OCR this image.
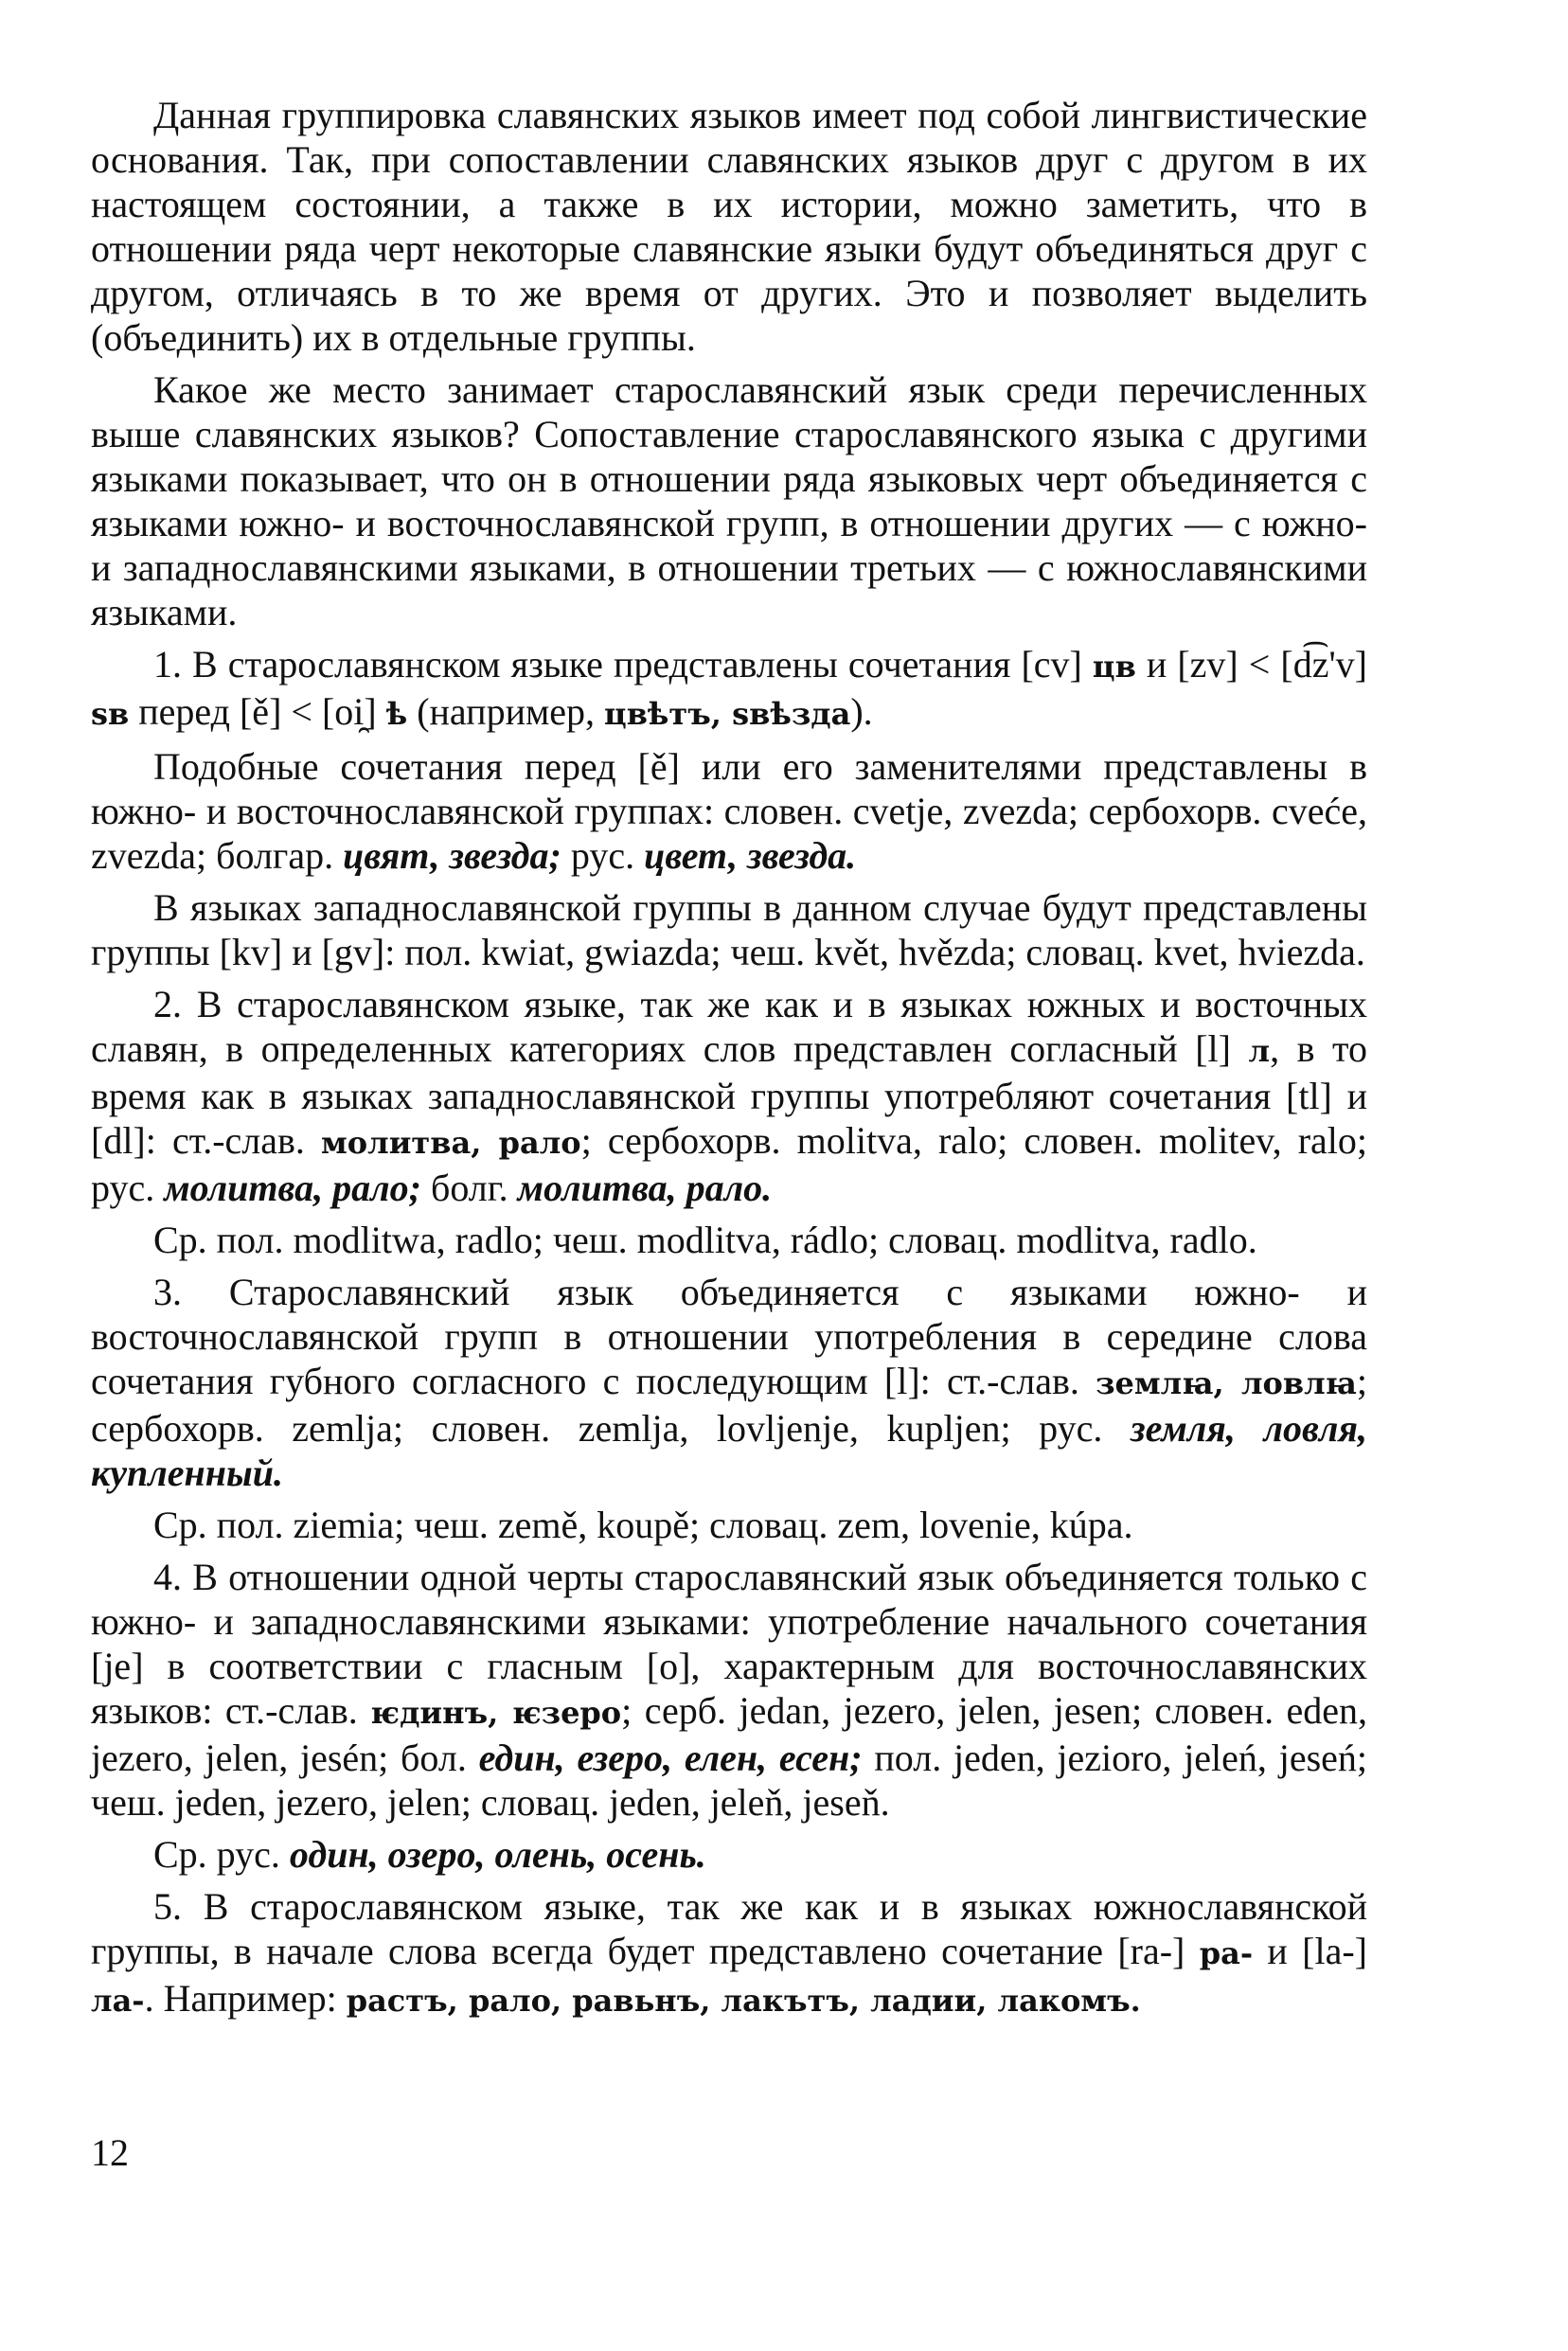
Данная группировка славянских языков имеет под собой лингвистические основания. Так, при сопоставлении славянских языков друг с другом в их настоящем состоянии, а также в их истории, можно заметить, что в отношении ряда черт некоторые славянские языки будут объединяться друг с другом, отличаясь в то же время от других. Это и позволяет выделить (объединить) их в отдельные группы.

Какое же место занимает старославянский язык среди перечисленных выше славянских языков? Сопоставление старославянского языка с другими языками показывает, что он в отношении ряда языковых черт объединяется с языками южно- и восточнославянской групп, в отношении других — с южно- и западнославянскими языками, в отношении третьих — с южнославянскими языками.

1. В старославянском языке представлены сочетания [cv] цв и [zv] < [d͡z'v] ѕв перед [ě] < [oi̯] ѣ (например, цвѣтъ, ѕвѣзда).

Подобные сочетания перед [ě] или его заменителями представлены в южно- и восточнославянской группах: словен. cvetje, zvezda; сербохорв. cveće, zvezda; болгар. цвят, звезда; рус. цвет, звезда.

В языках западнославянской группы в данном случае будут представлены группы [kv] и [gv]: пол. kwiat, gwiazda; чеш. květ, hvězda; словац. kvet, hviezda.

2. В старославянском языке, так же как и в языках южных и восточных славян, в определенных категориях слов представлен согласный [l] л, в то время как в языках западнославянской группы употребляют сочетания [tl] и [dl]: ст.-слав. молитва, рало; сербохорв. molitva, ralo; словен. molitev, ralo; рус. молитва, рало; болг. молитва, рало.

Ср. пол. modlitwa, radlo; чеш. modlitva, rádlo; словац. modlitva, radlo.

3. Старославянский язык объединяется с языками южно- и восточнославянской групп в отношении употребления в середине слова сочетания губного согласного с последующим [l]: ст.-слав. землꙗ, ловлꙗ; сербохорв. zemlja; словен. zemlja, lovljenje, kupljen; рус. земля, ловля, купленный.

Ср. пол. ziemia; чеш. země, koupě; словац. zem, lovenie, kúpa.

4. В отношении одной черты старославянский язык объединяется только с южно- и западнославянскими языками: употребление начального сочетания [je] в соответствии с гласным [o], характерным для восточнославянских языков: ст.-слав. ѥдинъ, ѥзеро; серб. jedan, jezero, jelen, jesen; словен. eden, jezero, jelen, jesén; бол. един, езеро, елен, есен; пол. jeden, jezioro, jeleń, jeseń; чеш. jeden, jezero, jelen; словац. jeden, jeleň, jeseň.

Ср. рус. один, озеро, олень, осень.

5. В старославянском языке, так же как и в языках южнославянской группы, в начале слова всегда будет представлено сочетание [ra-] ра- и [la-] ла-. Например: растъ, рало, равьнъ, лакътъ, ладии, лакомъ.

12
